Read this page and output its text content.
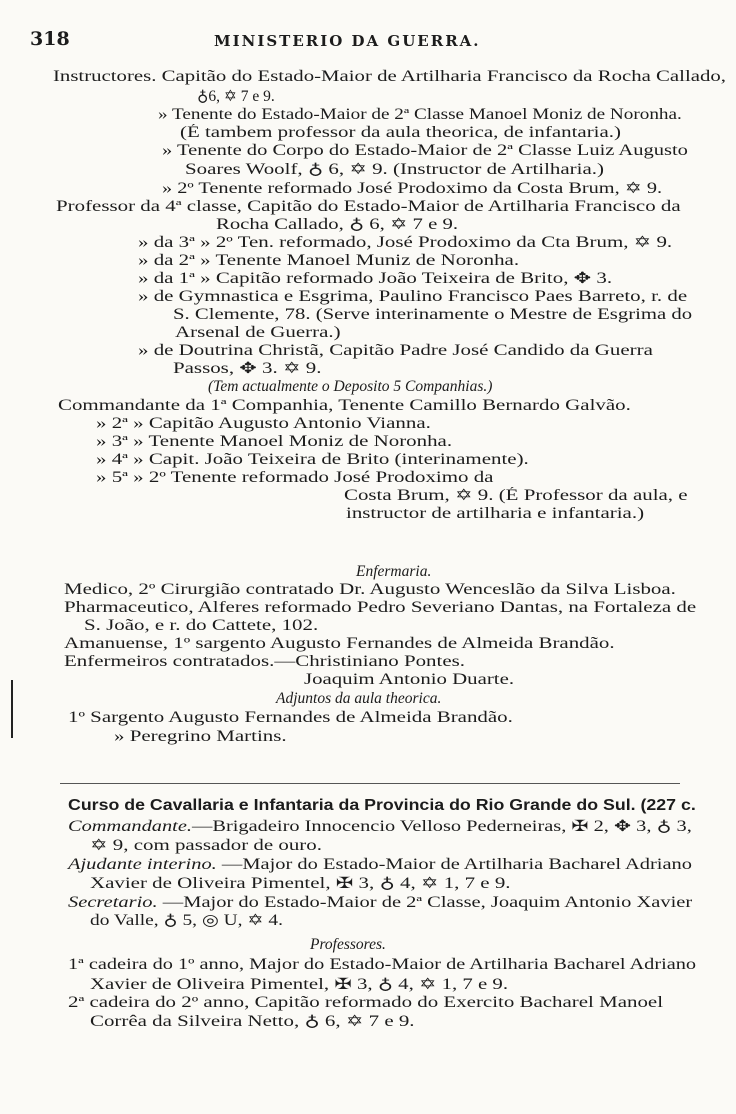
318	MINISTERIO DA GUERRA.
Instructores. Capitão do Estado-Maior de Artilharia Francisco da Rocha Callado,
♁6, ✡ 7 e 9.
» Tenente do Estado-Maior de 2ª Classe Manoel Moniz de Noronha.
(É tambem professor da aula theorica, de infantaria.)
» Tenente do Corpo do Estado-Maior de 2ª Classe Luiz Augusto
Soares Woolf, ♁ 6, ✡ 9. (Instructor de Artilharia.)
» 2º Tenente reformado José Prodoximo da Costa Brum, ✡ 9.
Professor da 4ª classe, Capitão do Estado-Maior de Artilharia Francisco da
Rocha Callado, ♁ 6, ✡ 7 e 9.
» da 3ª » 2º Ten. reformado, José Prodoximo da Cta Brum, ✡ 9.
» da 2ª » Tenente Manoel Muniz de Noronha.
» da 1ª » Capitão reformado João Teixeira de Brito, ✥ 3.
» de Gymnastica e Esgrima, Paulino Francisco Paes Barreto, r. de
S. Clemente, 78. (Serve interinamente o Mestre de Esgrima do
Arsenal de Guerra.)
» de Doutrina Christã, Capitão Padre José Candido da Guerra
Passos, ✥ 3. ✡ 9.
(Tem actualmente o Deposito 5 Companhias.)
Commandante da 1ª Companhia, Tenente Camillo Bernardo Galvão.
» 2ª » Capitão Augusto Antonio Vianna.
» 3ª » Tenente Manoel Moniz de Noronha.
» 4ª » Capit. João Teixeira de Brito (interinamente).
» 5ª » 2º Tenente reformado José Prodoximo da
Costa Brum, ✡ 9. (É Professor da aula, e
instructor de artilharia e infantaria.)
Enfermaria.
Medico, 2º Cirurgião contratado Dr. Augusto Wenceslão da Silva Lisboa.
Pharmaceutico, Alferes reformado Pedro Severiano Dantas, na Fortaleza de
S. João, e r. do Cattete, 102.
Amanuense, 1º sargento Augusto Fernandes de Almeida Brandão.
Enfermeiros contratados.—Christiniano Pontes.
Joaquim Antonio Duarte.
Adjuntos da aula theorica.
1º Sargento Augusto Fernandes de Almeida Brandão.
» Peregrino Martins.
Curso de Cavallaria e Infantaria da Provincia do Rio Grande do Sul. (227 c.
Commandante.—Brigadeiro Innocencio Velloso Pederneiras, ✠ 2, ✥ 3, ♁ 3,
✡ 9, com passador de ouro.
Ajudante interino. —Major do Estado-Maior de Artilharia Bacharel Adriano
Xavier de Oliveira Pimentel, ✠ 3, ♁ 4, ✡ 1, 7 e 9.
Secretario. —Major do Estado-Maior de 2ª Classe, Joaquim Antonio Xavier
do Valle, ♁ 5, ◎ U, ✡ 4.
Professores.
1ª cadeira do 1º anno, Major do Estado-Maior de Artilharia Bacharel Adriano
Xavier de Oliveira Pimentel, ✠ 3, ♁ 4, ✡ 1, 7 e 9.
2ª cadeira do 2º anno, Capitão reformado do Exercito Bacharel Manoel
Corrêa da Silveira Netto, ♁ 6, ✡ 7 e 9.
